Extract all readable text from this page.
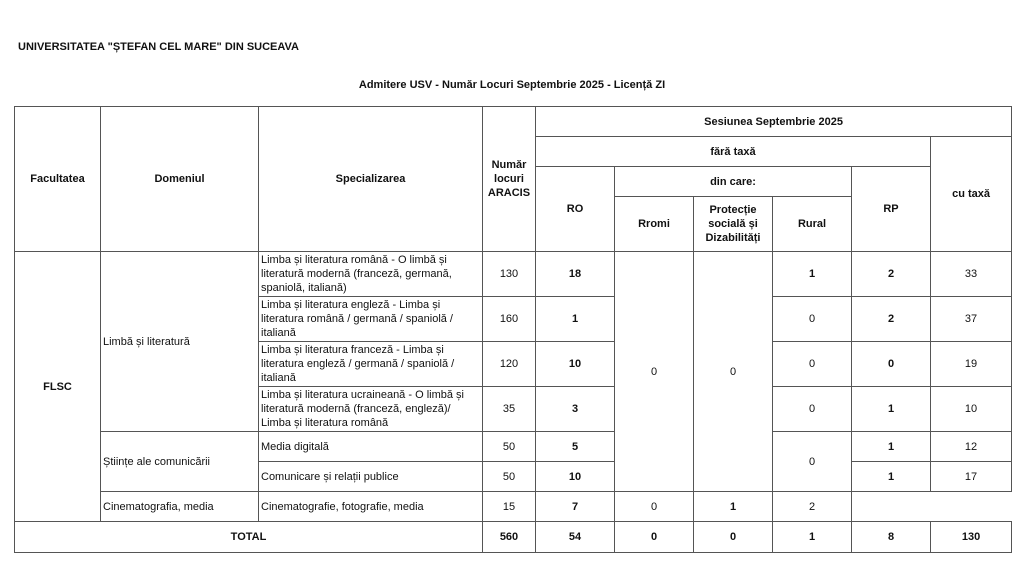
UNIVERSITATEA "ȘTEFAN CEL MARE" DIN SUCEAVA
Admitere USV - Număr Locuri Septembrie 2025 - Licență ZI
Facultatea	Domeniul	Specializarea	Număr locuri ARACIS	Sesiunea Septembrie 2025					
				fără taxă					cu taxă
				RO	din care:			RP	
					Rromi	Protecție socială și Dizabilități	Rural		
FLSC	Limbă și literatură	Limba și literatura română - O limbă și literatură modernă (franceză, germană, spaniolă, italiană)	130	18	0	0	1	2	33
		Limba și literatura engleză - Limba și literatura română / germană / spaniolă / italiană	160	1			0	2	37
		Limba și literatura franceză - Limba și literatura engleză / germană / spaniolă / italiană	120	10			0	0	19
		Limba și literatura ucraineană - O limbă și literatură modernă (franceză, engleză)/ Limba și literatura română	35	3			0	1	10
	Științe ale comunicării	Media digitală	50	5			0	1	12
		Comunicare și relații publice	50	10				1	17
	Cinematografia, media	Cinematografie, fotografie, media	15	7	0	1	2		
TOTAL			560	54	0	0	1	8	130
